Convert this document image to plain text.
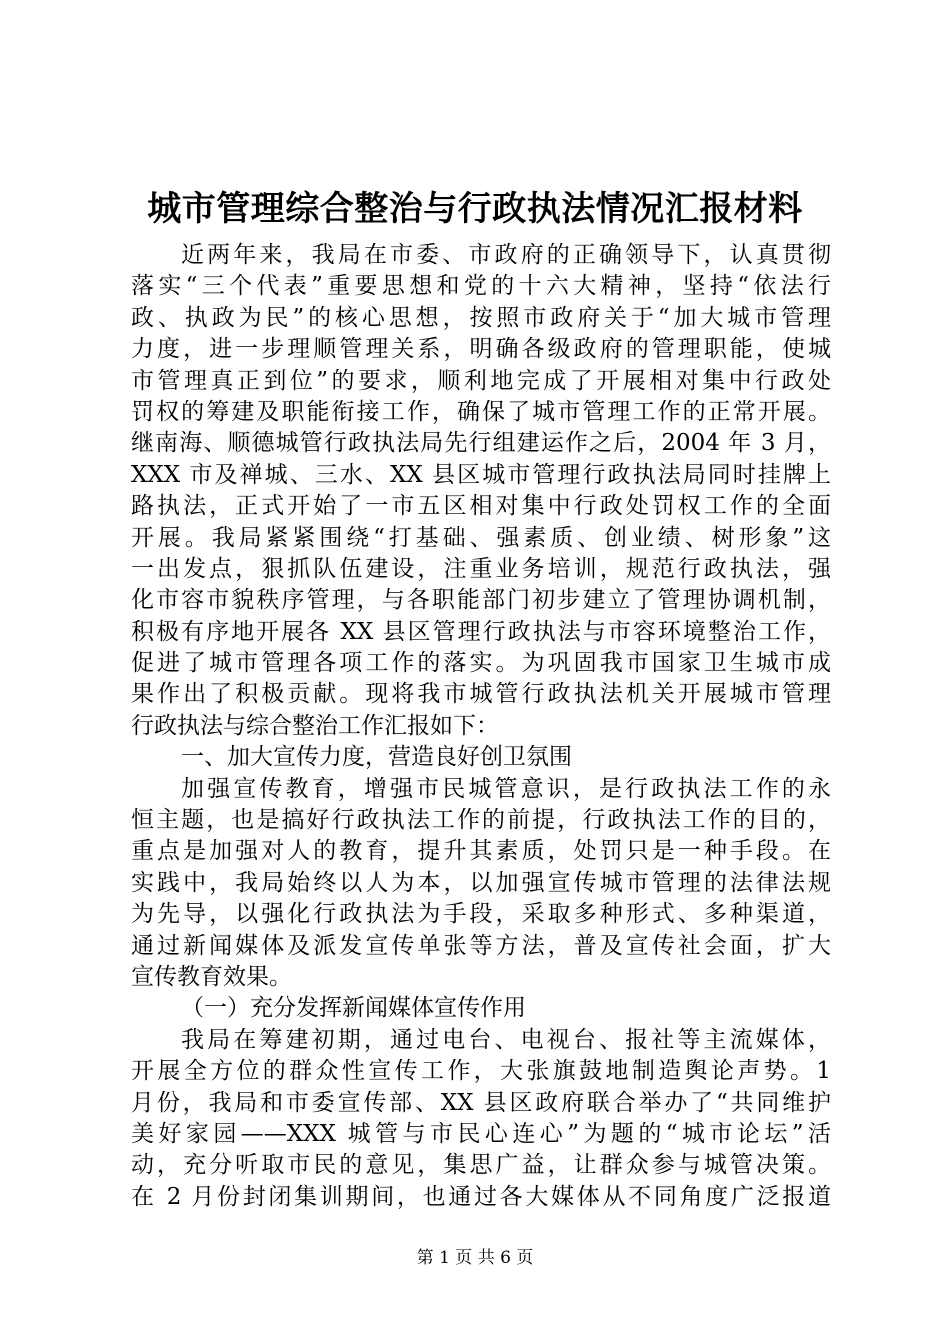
城市管理综合整治与行政执法情况汇报材料
近两年来，我局在市委、市政府的正确领导下，认真贯彻
落实“三个代表”重要思想和党的十六大精神，坚持“依法行
政、执政为民”的核心思想，按照市政府关于“加大城市管理
力度，进一步理顺管理关系，明确各级政府的管理职能，使城
市管理真正到位”的要求，顺利地完成了开展相对集中行政处
罚权的筹建及职能衔接工作，确保了城市管理工作的正常开展。
继南海、顺德城管行政执法局先行组建运作之后，2004 年 3 月，
XXX 市及禅城、三水、XX 县区城市管理行政执法局同时挂牌上
路执法，正式开始了一市五区相对集中行政处罚权工作的全面
开展。我局紧紧围绕“打基础、强素质、创业绩、树形象”这
一出发点，狠抓队伍建设，注重业务培训，规范行政执法，强
化市容市貌秩序管理，与各职能部门初步建立了管理协调机制，
积极有序地开展各 XX 县区管理行政执法与市容环境整治工作，
促进了城市管理各项工作的落实。为巩固我市国家卫生城市成
果作出了积极贡献。现将我市城管行政执法机关开展城市管理
行政执法与综合整治工作汇报如下：
一、加大宣传力度，营造良好创卫氛围
加强宣传教育，增强市民城管意识，是行政执法工作的永
恒主题，也是搞好行政执法工作的前提，行政执法工作的目的，
重点是加强对人的教育，提升其素质，处罚只是一种手段。在
实践中，我局始终以人为本，以加强宣传城市管理的法律法规
为先导，以强化行政执法为手段，采取多种形式、多种渠道，
通过新闻媒体及派发宣传单张等方法，普及宣传社会面，扩大
宣传教育效果。
（一）充分发挥新闻媒体宣传作用
我局在筹建初期，通过电台、电视台、报社等主流媒体，
开展全方位的群众性宣传工作，大张旗鼓地制造舆论声势。1
月份，我局和市委宣传部、XX 县区政府联合举办了“共同维护
美好家园——XXX 城管与市民心连心”为题的“城市论坛”活
动，充分听取市民的意见，集思广益，让群众参与城管决策。
在 2 月份封闭集训期间，也通过各大媒体从不同角度广泛报道
第 1 页 共 6 页
